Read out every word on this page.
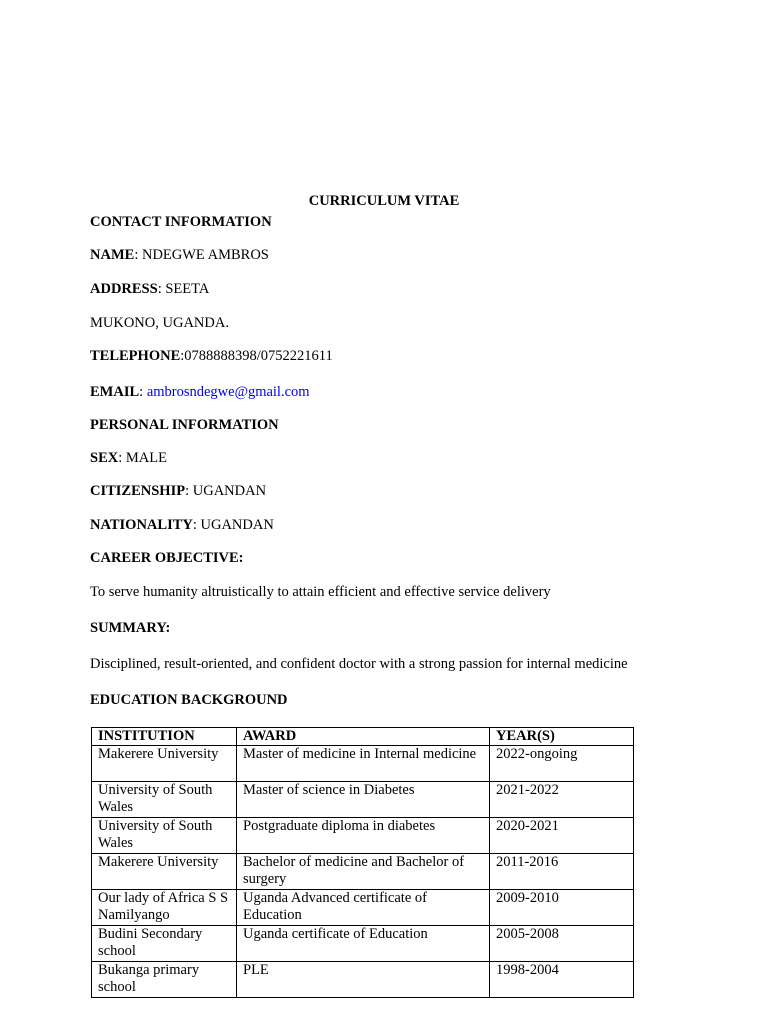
CURRICULUM VITAE
CONTACT INFORMATION
NAME: NDEGWE AMBROS
ADDRESS: SEETA
MUKONO, UGANDA.
TELEPHONE:0788888398/0752221611
EMAIL: ambrosndegwe@gmail.com
PERSONAL INFORMATION
SEX: MALE
CITIZENSHIP: UGANDAN
NATIONALITY: UGANDAN
CAREER OBJECTIVE:
To serve humanity altruistically to attain efficient and effective service delivery
SUMMARY:
Disciplined, result-oriented, and confident doctor with a strong passion for internal medicine
EDUCATION BACKGROUND
INSTITUTION	AWARD	YEAR(S)
Makerere University	Master of medicine in Internal medicine	2022-ongoing
University of South Wales	Master of science in Diabetes	2021-2022
University of South Wales	Postgraduate diploma in diabetes	2020-2021
Makerere University	Bachelor of medicine and Bachelor of surgery	2011-2016
Our lady of Africa S S Namilyango	Uganda Advanced certificate of Education	2009-2010
Budini Secondary school	Uganda certificate of Education	2005-2008
Bukanga primary school	PLE	1998-2004
